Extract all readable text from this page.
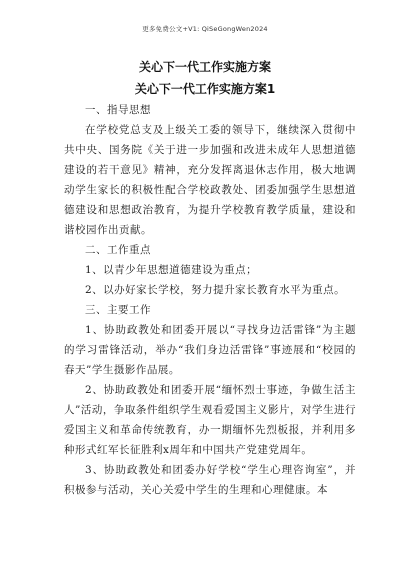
更多免费公文+V1: QiSeGongWen2024
关心下一代工作实施方案
关心下一代工作实施方案1

一、指导思想

在学校党总支及上级关工委的领导下，继续深入贯彻中共中央、国务院《关于进一步加强和改进未成年人思想道德建设的若干意见》精神，充分发挥离退休志作用，极大地调动学生家长的积极性配合学校政教处、团委加强学生思想道德建设和思想政治教育，为提升学校教育教学质量，建设和谐校园作出贡献。

二、工作重点

1、以青少年思想道德建设为重点；

2、以办好家长学校，努力提升家长教育水平为重点。

三、主要工作

1、协助政教处和团委开展以“寻找身边活雷锋”为主题的学习雷锋活动，举办“我们身边活雷锋”事迹展和“校园的春天”学生摄影作品展。

2、协助政教处和团委开展“缅怀烈士事迹，争做生活主人”活动，争取条件组织学生观看爱国主义影片，对学生进行爱国主义和革命传统教育，办一期缅怀先烈板报，并利用多种形式红军长征胜利x周年和中国共产党建党周年。

3、协助政教处和团委办好学校“学生心理咨询室”，并积极参与活动，关心关爱中学生的生理和心理健康。本
